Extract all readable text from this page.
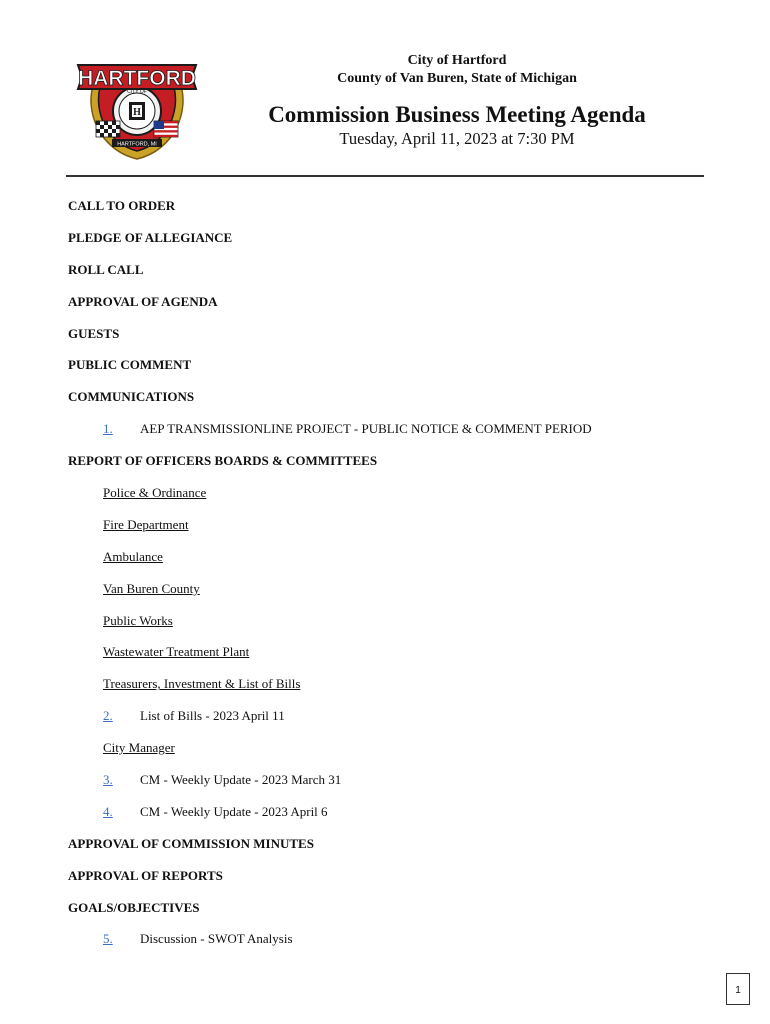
H
CITY OF
HARTFORD
HARTFORD, MI
City of Hartford
County of Van Buren, State of Michigan
Commission Business Meeting Agenda
Tuesday, April 11, 2023 at 7:30 PM
CALL TO ORDER
PLEDGE OF ALLEGIANCE
ROLL CALL
APPROVAL OF AGENDA
GUESTS
PUBLIC COMMENT
COMMUNICATIONS
1. AEP TRANSMISSIONLINE PROJECT - PUBLIC NOTICE & COMMENT PERIOD
REPORT OF OFFICERS BOARDS & COMMITTEES
Police & Ordinance
Fire Department
Ambulance
Van Buren County
Public Works
Wastewater Treatment Plant
Treasurers, Investment & List of Bills
2. List of Bills - 2023 April 11
City Manager
3. CM - Weekly Update - 2023 March 31
4. CM - Weekly Update - 2023 April 6
APPROVAL OF COMMISSION MINUTES
APPROVAL OF REPORTS
GOALS/OBJECTIVES
5. Discussion - SWOT Analysis
1
